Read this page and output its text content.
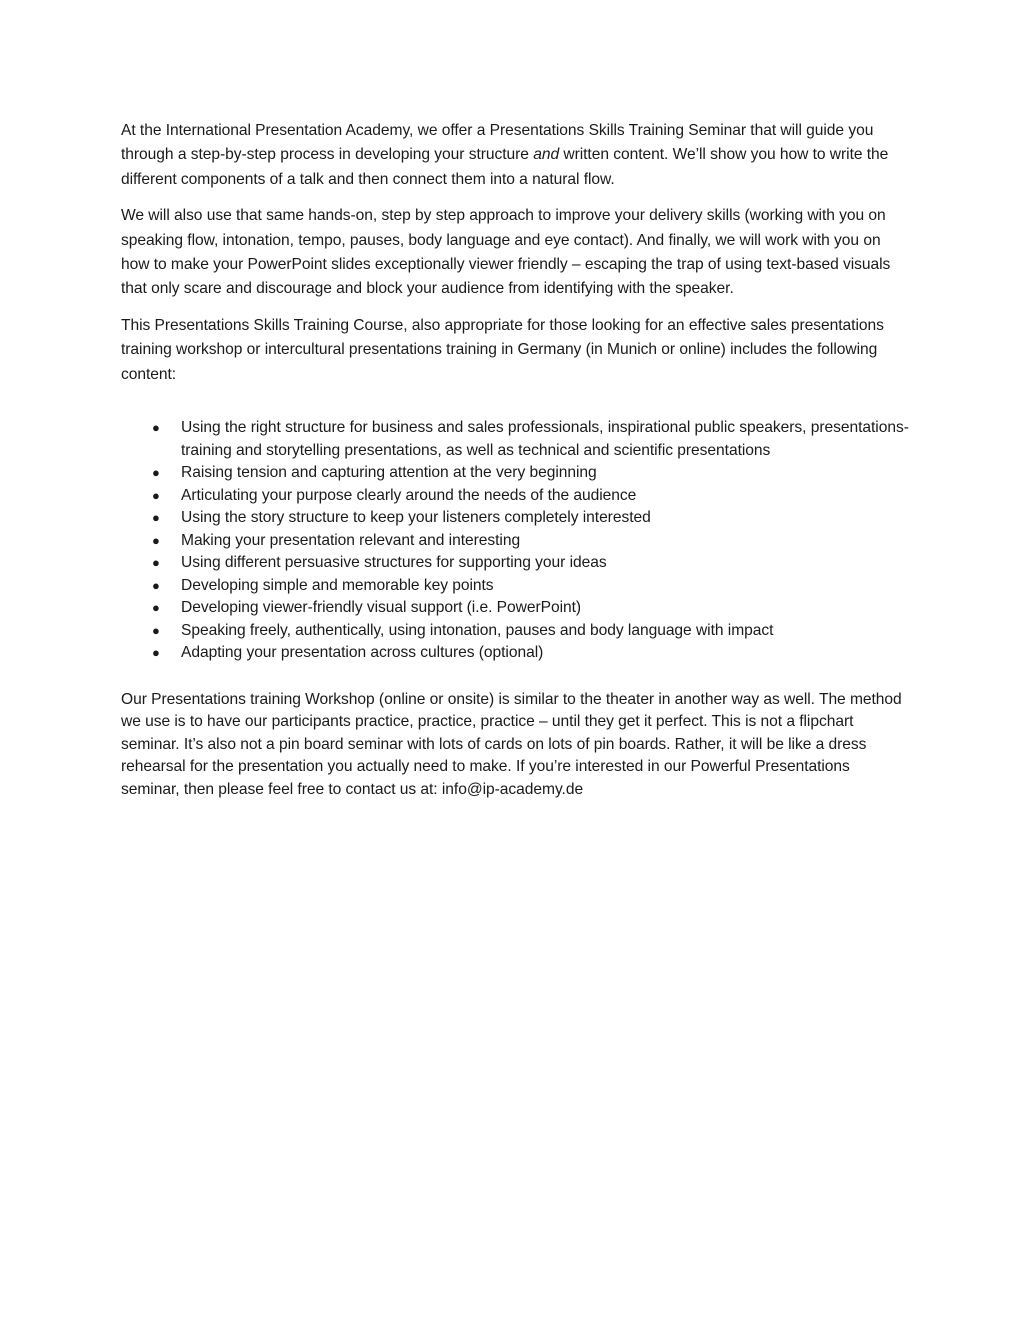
At the International Presentation Academy, we offer a Presentations Skills Training Seminar that will guide you through a step-by-step process in developing your structure and written content. We’ll show you how to write the different components of a talk and then connect them into a natural flow.

We will also use that same hands-on, step by step approach to improve your delivery skills (working with you on speaking flow, intonation, tempo, pauses, body language and eye contact). And finally, we will work with you on how to make your PowerPoint slides exceptionally viewer friendly – escaping the trap of using text-based visuals that only scare and discourage and block your audience from identifying with the speaker.

This Presentations Skills Training Course, also appropriate for those looking for an effective sales presentations training workshop or intercultural presentations training in Germany (in Munich or online) includes the following content:

● Using the right structure for business and sales professionals, inspirational public speakers, presentations- training and storytelling presentations, as well as technical and scientific presentations
● Raising tension and capturing attention at the very beginning
● Articulating your purpose clearly around the needs of the audience
● Using the story structure to keep your listeners completely interested
● Making your presentation relevant and interesting
● Using different persuasive structures for supporting your ideas
● Developing simple and memorable key points
● Developing viewer-friendly visual support (i.e. PowerPoint)
● Speaking freely, authentically, using intonation, pauses and body language with impact
● Adapting your presentation across cultures (optional)

Our Presentations training Workshop (online or onsite) is similar to the theater in another way as well. The method we use is to have our participants practice, practice, practice – until they get it perfect. This is not a flipchart seminar. It’s also not a pin board seminar with lots of cards on lots of pin boards. Rather, it will be like a dress rehearsal for the presentation you actually need to make. If you’re interested in our Powerful Presentations seminar, then please feel free to contact us at: info@ip-academy.de
